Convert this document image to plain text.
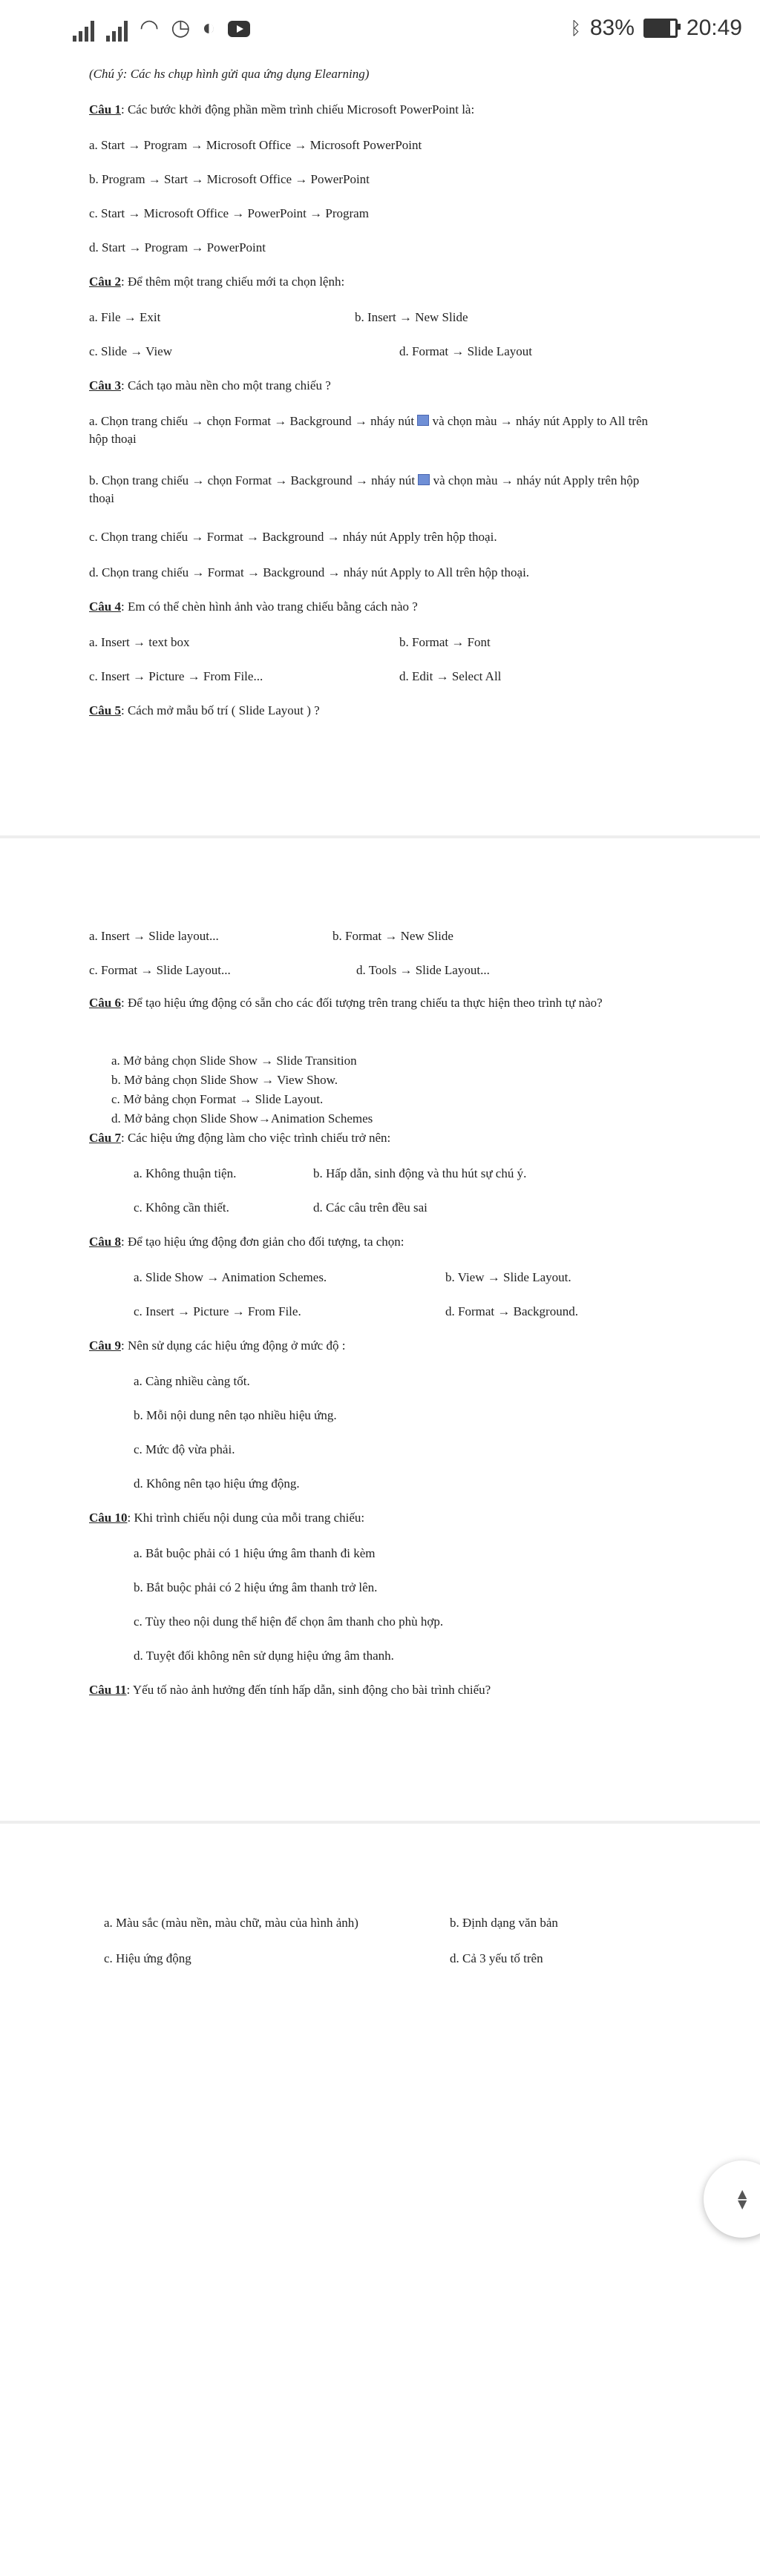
◠ ◷ ◐	ᛒ 83% 20:49
(Chú ý: Các hs chụp hình gửi qua ứng dụng Elearning)
Câu 1: Các bước khởi động phần mềm trình chiếu Microsoft PowerPoint là:
a. Start → Program → Microsoft Office → Microsoft PowerPoint
b. Program → Start → Microsoft Office → PowerPoint
c. Start → Microsoft Office → PowerPoint → Program
d. Start → Program → PowerPoint
Câu 2: Để thêm một trang chiếu mới ta chọn lệnh:
a. File → Exit	b. Insert → New Slide
c. Slide → View	d. Format → Slide Layout
Câu 3: Cách tạo màu nền cho một trang chiếu ?
a. Chọn trang chiếu → chọn Format → Background → nháy nút và chọn màu → nháy nút Apply to All trên hộp thoại
b. Chọn trang chiếu → chọn Format → Background → nháy nút và chọn màu → nháy nút Apply trên hộp thoại
c. Chọn trang chiếu → Format → Background → nháy nút Apply trên hộp thoại.
d. Chọn trang chiếu → Format → Background → nháy nút Apply to All trên hộp thoại.
Câu 4: Em có thể chèn hình ảnh vào trang chiếu bằng cách nào ?
a. Insert → text box	b. Format → Font
c. Insert → Picture → From File...	d. Edit → Select All
Câu 5: Cách mở mẫu bố trí ( Slide Layout ) ?
a. Insert → Slide layout...	b. Format → New Slide
c. Format → Slide Layout...	d. Tools → Slide Layout...
Câu 6: Để tạo hiệu ứng động có sẵn cho các đối tượng trên trang chiếu ta thực hiện theo trình tự nào?
a. Mở bảng chọn Slide Show → Slide Transition
b. Mở bảng chọn Slide Show → View Show.
c. Mở bảng chọn Format → Slide Layout.
d. Mở bảng chọn Slide Show→Animation Schemes
Câu 7: Các hiệu ứng động làm cho việc trình chiếu trở nên:
a. Không thuận tiện.	b. Hấp dẫn, sinh động và thu hút sự chú ý.
c. Không cần thiết.	d. Các câu trên đều sai
Câu 8: Để tạo hiệu ứng động đơn giản cho đối tượng, ta chọn:
a. Slide Show → Animation Schemes.	b. View → Slide Layout.
c. Insert → Picture → From File.	d. Format → Background.
Câu 9: Nên sử dụng các hiệu ứng động ở mức độ :
a. Càng nhiều càng tốt.
b. Mỗi nội dung nên tạo nhiều hiệu ứng.
c. Mức độ vừa phải.
d. Không nên tạo hiệu ứng động.
Câu 10: Khi trình chiếu nội dung của mỗi trang chiếu:
a. Bắt buộc phải có 1 hiệu ứng âm thanh đi kèm
b. Bắt buộc phải có 2 hiệu ứng âm thanh trở lên.
c. Tùy theo nội dung thể hiện để chọn âm thanh cho phù hợp.
d. Tuyệt đối không nên sử dụng hiệu ứng âm thanh.
Câu 11: Yếu tố nào ảnh hưởng đến tính hấp dẫn, sinh động cho bài trình chiếu?
a. Màu sắc (màu nền, màu chữ, màu của hình ảnh)	b. Định dạng văn bản
c. Hiệu ứng động	d. Cả 3 yếu tố trên
▲
▼
